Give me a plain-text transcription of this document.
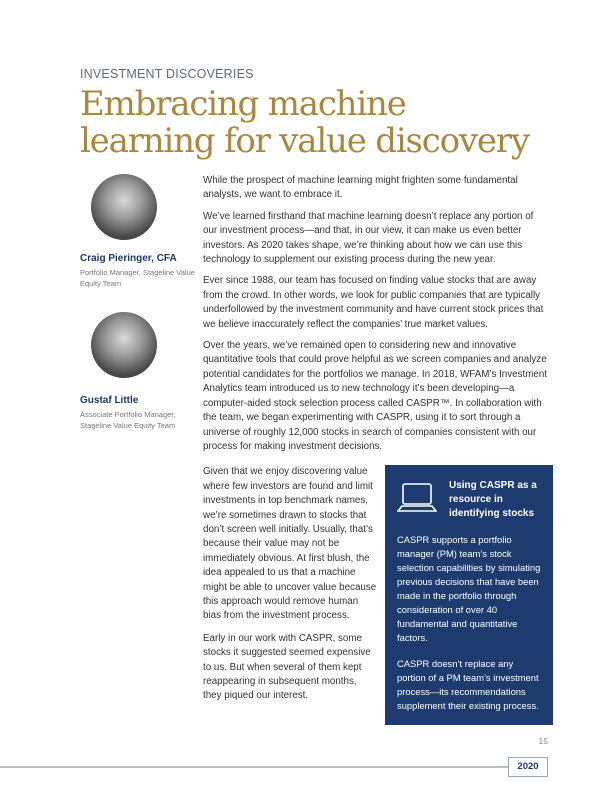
INVESTMENT DISCOVERIES
Embracing machine learning for value discovery
Craig Pieringer, CFA
Portfolio Manager, Stageline Value Equity Team
Gustaf Little
Associate Portfolio Manager, Stageline Value Equity Team

While the prospect of machine learning might frighten some fundamental analysts, we want to embrace it.

We’ve learned firsthand that machine learning doesn’t replace any portion of our investment process—and that, in our view, it can make us even better investors. As 2020 takes shape, we’re thinking about how we can use this technology to supplement our existing process during the new year.

Ever since 1988, our team has focused on finding value stocks that are away from the crowd. In other words, we look for public companies that are typically underfollowed by the investment community and have current stock prices that we believe inaccurately reflect the companies’ true market values.

Over the years, we’ve remained open to considering new and innovative quantitative tools that could prove helpful as we screen companies and analyze potential candidates for the portfolios we manage. In 2018, WFAM’s Investment Analytics team introduced us to new technology it’s been developing—a computer-aided stock selection process called CASPR™. In collaboration with the team, we began experimenting with CASPR, using it to sort through a universe of roughly 12,000 stocks in search of companies consistent with our process for making investment decisions.

Given that we enjoy discovering value where few investors are found and limit investments in top benchmark names, we’re sometimes drawn to stocks that don’t screen well initially. Usually, that’s because their value may not be immediately obvious. At first blush, the idea appealed to us that a machine might be able to uncover value because this approach would remove human bias from the investment process.

Early in our work with CASPR, some stocks it suggested seemed expensive to us. But when several of them kept reappearing in subsequent months, they piqued our interest.

Using CASPR as a resource in identifying stocks

CASPR supports a portfolio manager (PM) team’s stock selection capabilities by simulating previous decisions that have been made in the portfolio through consideration of over 40 fundamental and quantitative factors.

CASPR doesn’t replace any portion of a PM team’s investment process—its recommendations supplement their existing process.

15
2020
